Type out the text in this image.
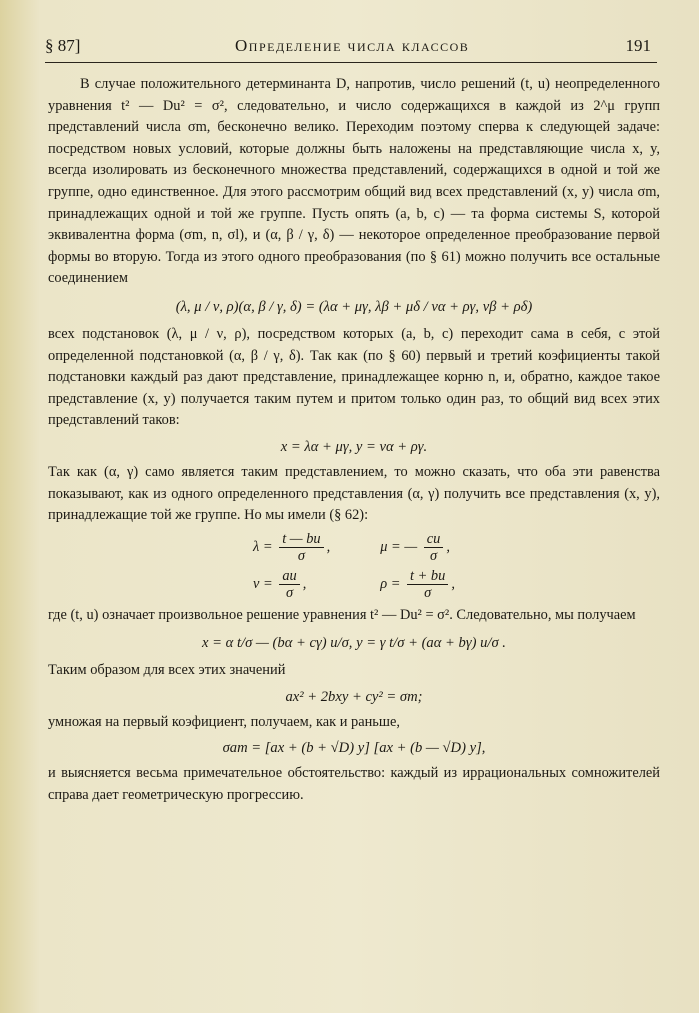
§ 87]	Определение числа классов	191

В случае положительного детерминанта D, напротив, число решений (t, u) неопределенного уравнения t² — Du² = σ², следовательно, и число содержащихся в каждой из 2^μ групп представлений числа σm, бесконечно велико. Переходим поэтому сперва к следующей задаче: посредством новых условий, которые должны быть наложены на представляющие числа x, y, всегда изолировать из бесконечного множества представлений, содержащихся в одной и той же группе, одно единственное. Для этого рассмотрим общий вид всех представлений (x, y) числа σm, принадлежащих одной и той же группе. Пусть опять (a, b, c) — та форма системы S, которой эквивалентна форма (σm, n, σl), и (α, β / γ, δ) — некоторое определенное преобразование первой формы во вторую. Тогда из этого одного преобразования (по § 61) можно получить все остальные соединением

(λ, μ / ν, ρ)(α, β / γ, δ) = (λα + μγ, λβ + μδ / να + ργ, νβ + ρδ)

всех подстановок (λ, μ / ν, ρ), посредством которых (a, b, c) переходит сама в себя, с этой определенной подстановкой (α, β / γ, δ). Так как (по § 60) первый и третий коэфициенты такой подстановки каждый раз дают представление, принадлежащее корню n, и, обратно, каждое такое представление (x, y) получается таким путем и притом только один раз, то общий вид всех этих представлений таков:

x = λα + μγ, y = να + ργ.

Так как (α, γ) само является таким представлением, то можно сказать, что оба эти равенства показывают, как из одного определенного представления (α, γ) получить все представления (x, y), принадлежащие той же группе. Но мы имели (§ 62):

$\lambda = \frac{t — bu}{\sigma}$ ,	μ = — $\frac{cu}{\sigma}$ ,
$\nu = \frac{au}{\sigma}$ ,	$\rho = \frac{t + bu}{\sigma}$ ,

где (t, u) означает произвольное решение уравнения t² — Du² = σ². Следовательно, мы получаем

x = α t/σ — (bα + cγ) u/σ, y = γ t/σ + (aα + bγ) u/σ .

Таким образом для всех этих значений

ax² + 2bxy + cy² = σm;

умножая на первый коэфициент, получаем, как и раньше,

σam = [ax + (b + √D) y] [ax + (b — √D) y],

и выясняется весьма примечательное обстоятельство: каждый из иррациональных сомножителей справа дает геометрическую прогрессию.
